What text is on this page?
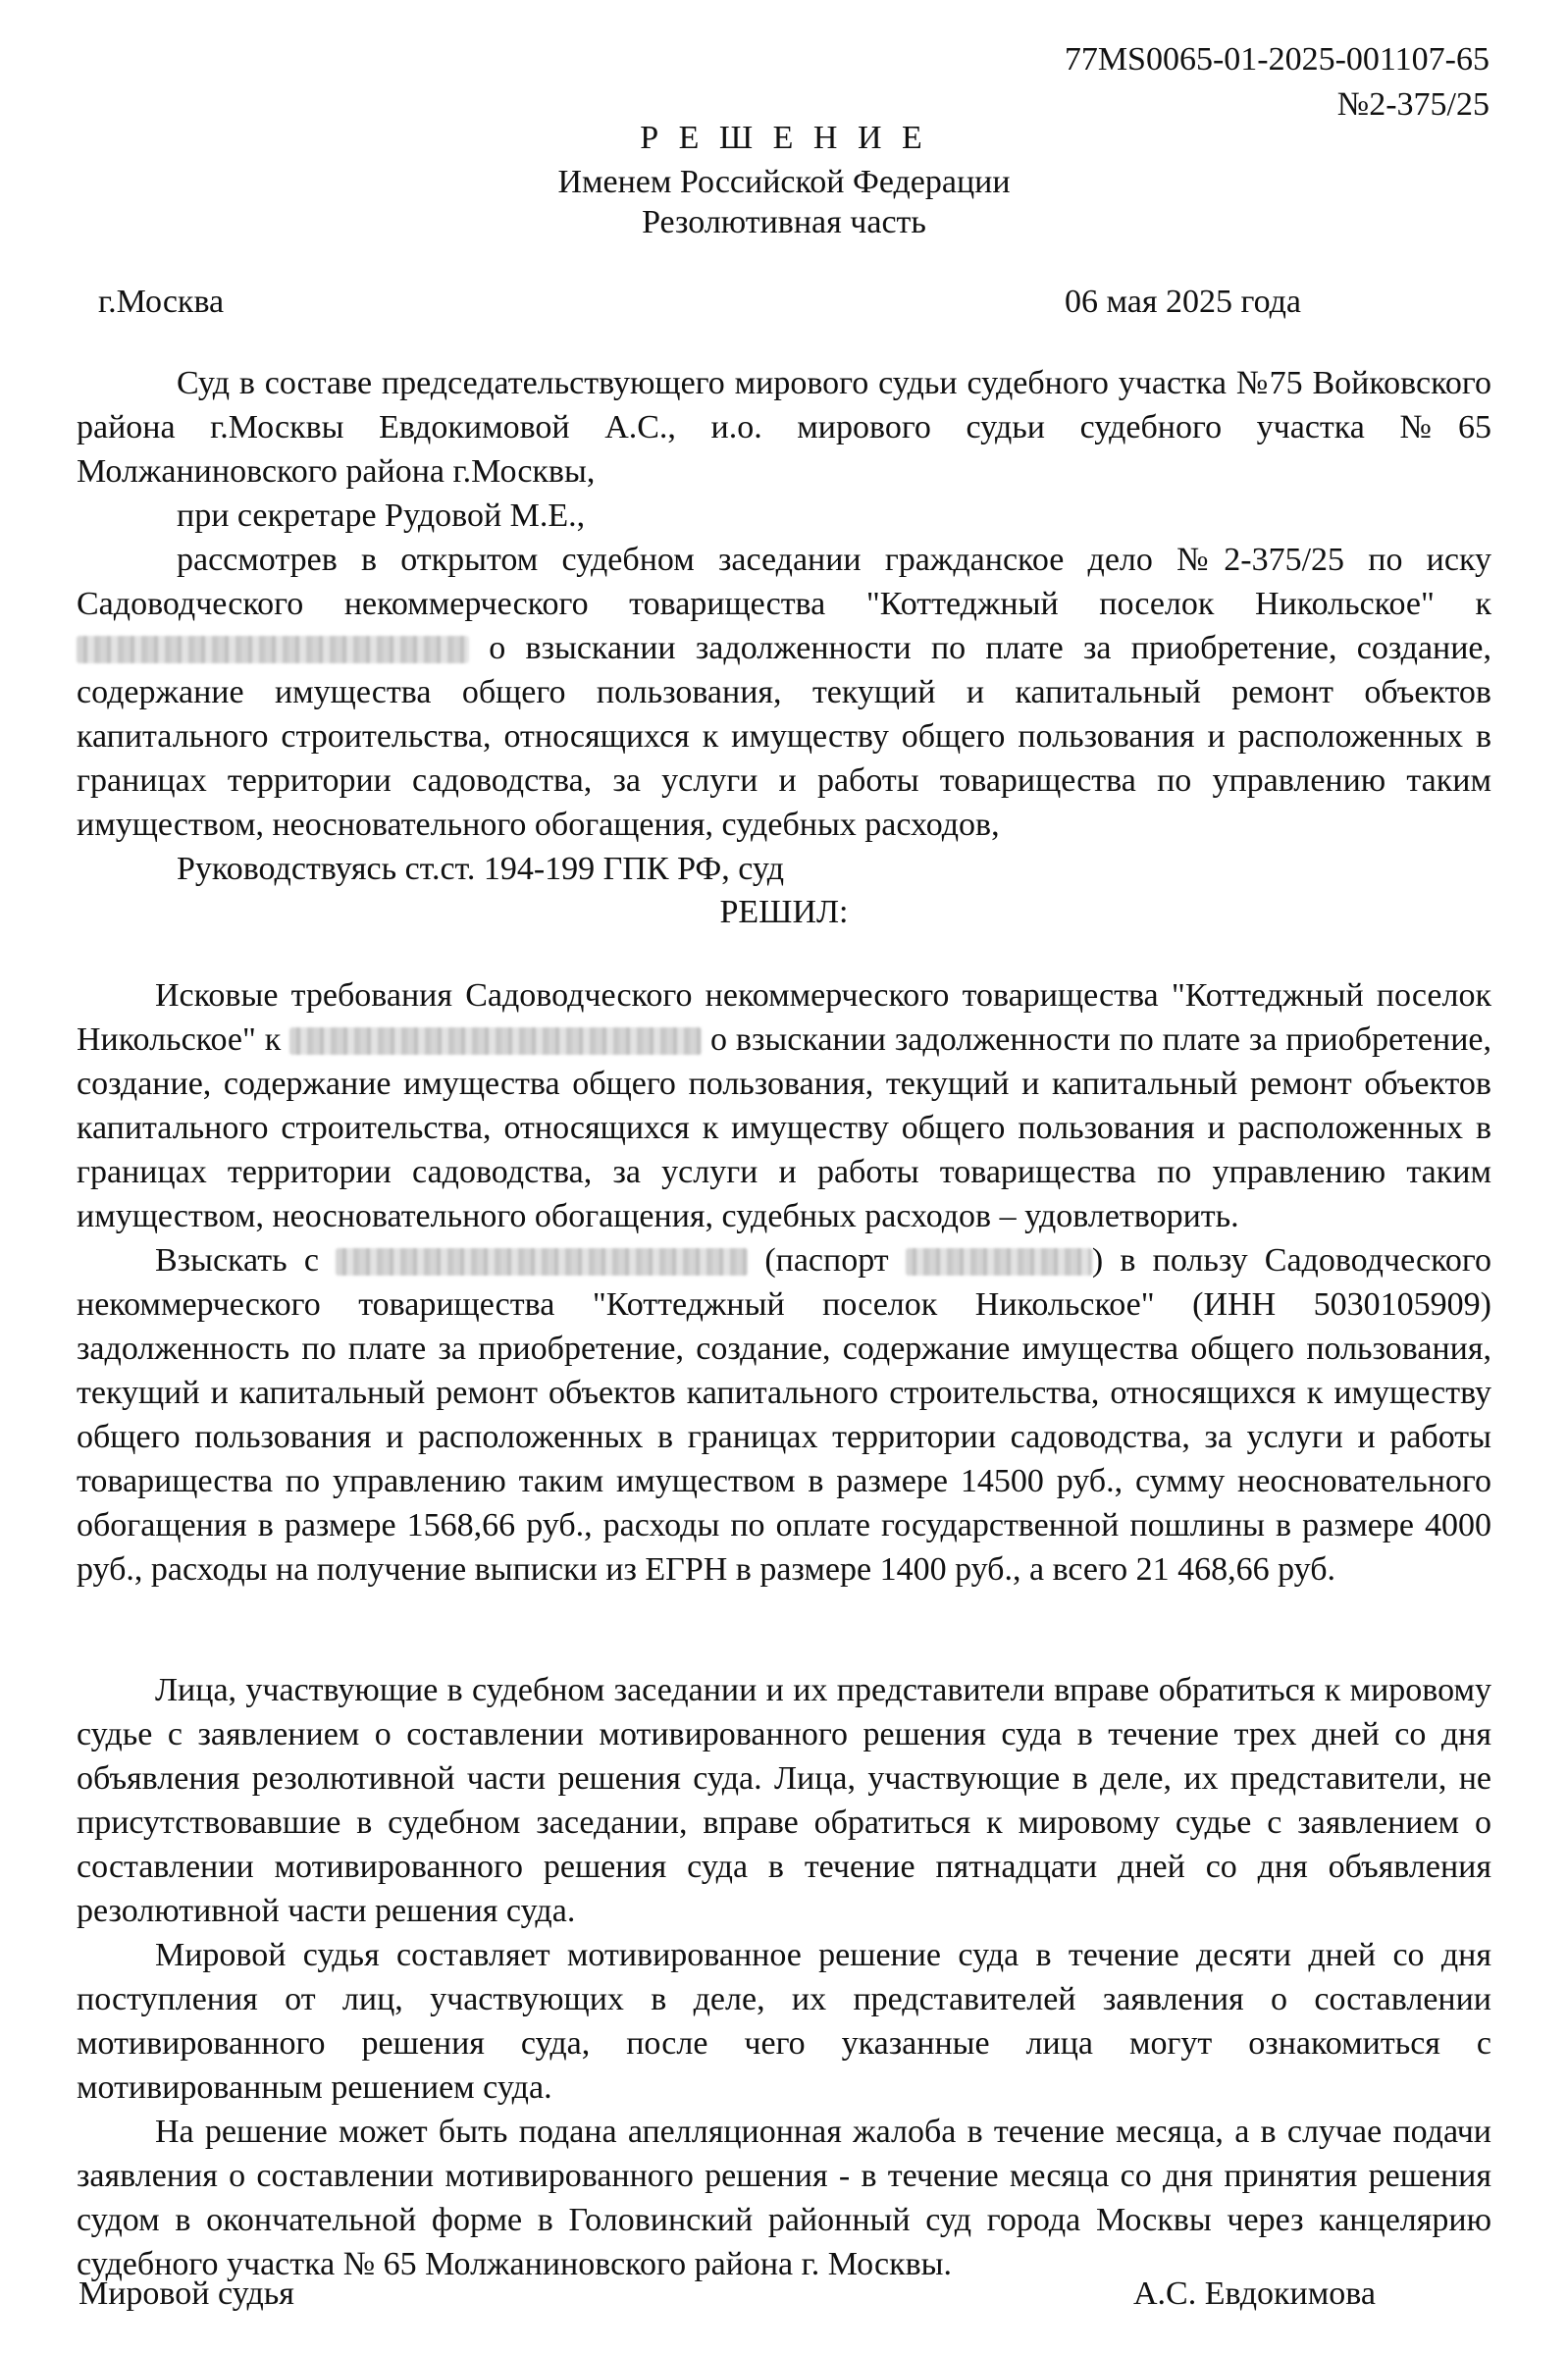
77MS0065-01-2025-001107-65
№2-375/25
Р Е Ш Е Н И Е
Именем Российской Федерации
Резолютивная часть
г.Москва	06 мая 2025 года

Суд в составе председательствующего мирового судьи судебного участка №75 Войковского района г.Москвы Евдокимовой А.С., и.о. мирового судьи судебного участка №65 Молжаниновского района г.Москвы,

при секретаре Рудовой М.Е.,

рассмотрев в открытом судебном заседании гражданское дело №2-375/25 по иску Садоводческого некоммерческого товарищества "Коттеджный поселок Никольское" к  о взыскании задолженности по плате за приобретение, создание, содержание имущества общего пользования, текущий и капитальный ремонт объектов капитального строительства, относящихся к имуществу общего пользования и расположенных в границах территории садоводства, за услуги и работы товарищества по управлению таким имуществом, неосновательного обогащения, судебных расходов,

Руководствуясь ст.ст. 194-199 ГПК РФ, суд

РЕШИЛ:

Исковые требования Садоводческого некоммерческого товарищества "Коттеджный поселок Никольское" к	о взыскании задолженности по плате за приобретение, создание, содержание имущества общего пользования, текущий и капитальный ремонт объектов капитального строительства, относящихся к имуществу общего пользования и расположенных в границах территории садоводства, за услуги и работы товарищества по управлению таким имуществом, неосновательного обогащения, судебных расходов – удовлетворить.

Взыскать с	(паспорт	) в пользу Садоводческого некоммерческого товарищества "Коттеджный поселок Никольское" (ИНН 5030105909) задолженность по плате за приобретение, создание, содержание имущества общего пользования, текущий и капитальный ремонт объектов капитального строительства, относящихся к имуществу общего пользования и расположенных в границах территории садоводства, за услуги и работы товарищества по управлению таким имуществом в размере 14500 руб., сумму неосновательного обогащения в размере 1568,66 руб., расходы по оплате государственной пошлины в размере 4000 руб., расходы на получение выписки из ЕГРН в размере 1400 руб., а всего 21 468,66 руб.

Лица, участвующие в судебном заседании и их представители вправе обратиться к мировому судье с заявлением о составлении мотивированного решения суда в течение трех дней со дня объявления резолютивной части решения суда. Лица, участвующие в деле, их представители, не присутствовавшие в судебном заседании, вправе обратиться к мировому судье с заявлением о составлении мотивированного решения суда в течение пятнадцати дней со дня объявления резолютивной части решения суда.

Мировой судья составляет мотивированное решение суда в течение десяти дней со дня поступления от лиц, участвующих в деле, их представителей заявления о составлении мотивированного решения суда, после чего указанные лица могут ознакомиться с мотивированным решением суда.

На решение может быть подана апелляционная жалоба в течение месяца, а в случае подачи заявления о составлении мотивированного решения - в течение месяца со дня принятия решения судом в окончательной форме в Головинский районный суд города Москвы через канцелярию судебного участка № 65 Молжаниновского района г. Москвы.

Мировой судья	А.С. Евдокимова
